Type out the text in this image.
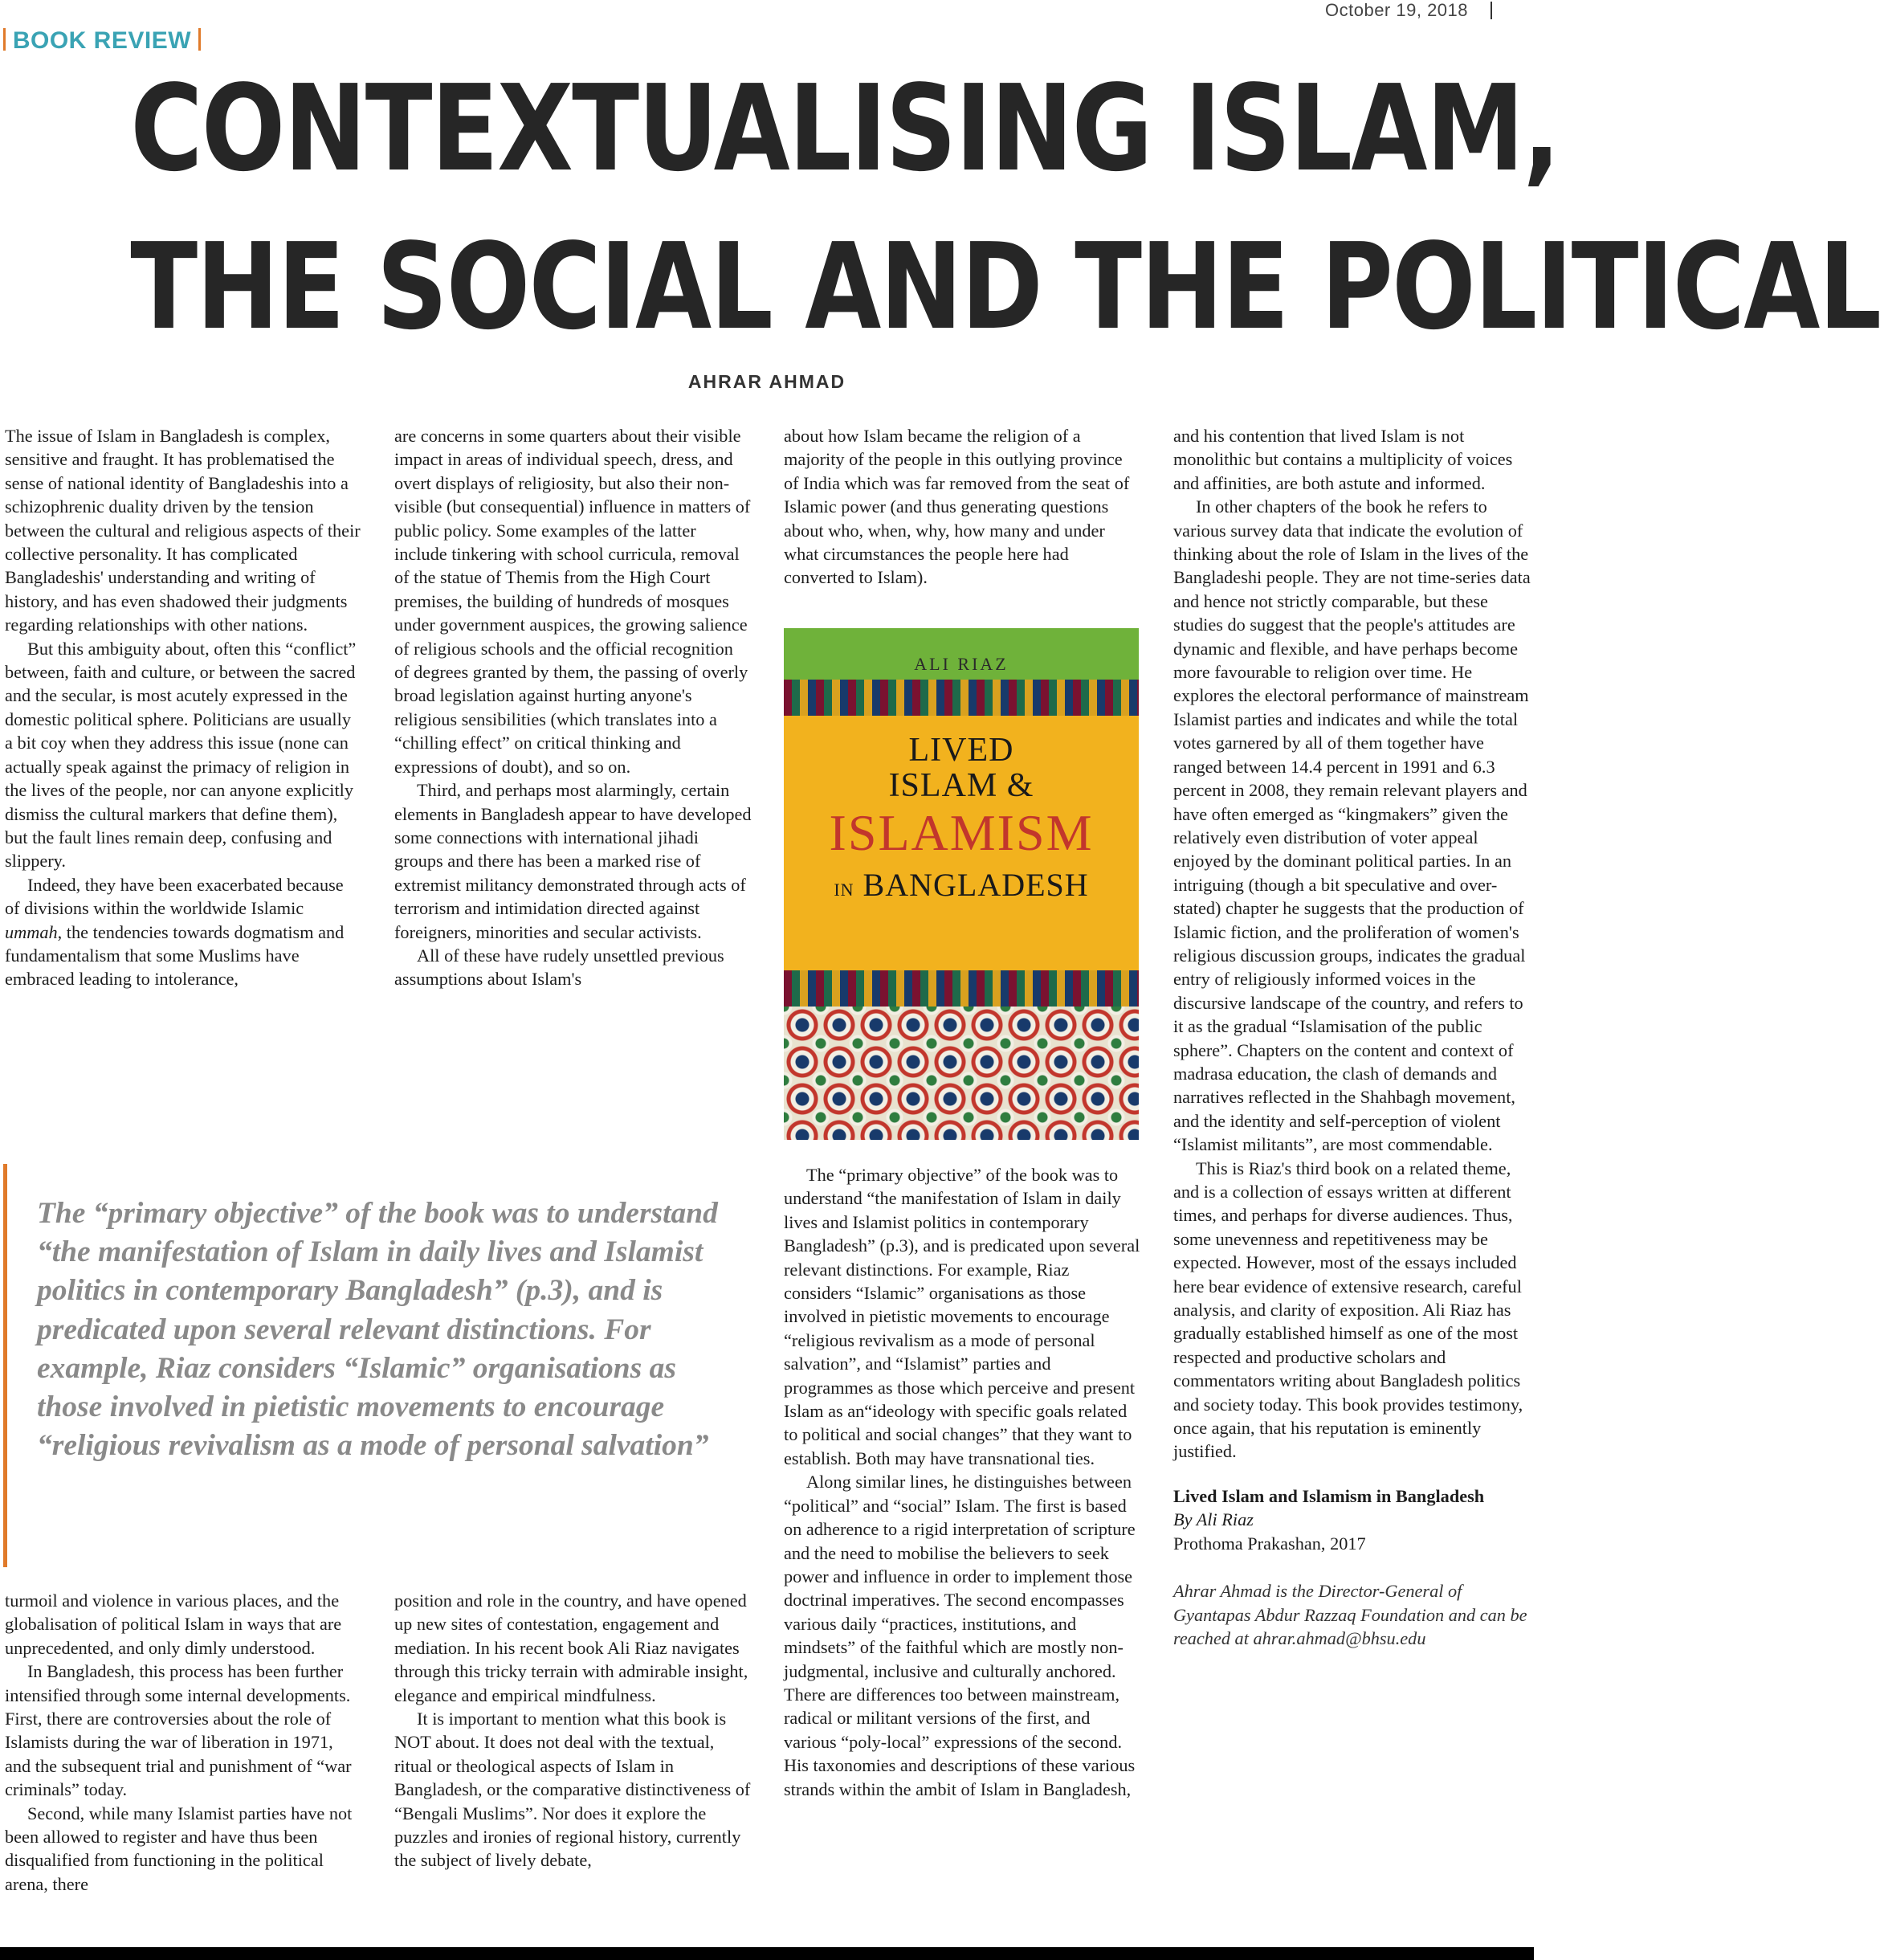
October 19, 2018
BOOK REVIEW
CONTEXTUALISING ISLAM,
THE SOCIAL AND THE POLITICAL
AHRAR AHMAD

The issue of Islam in Bangladesh is complex, sensitive and fraught. It has problematised the sense of national identity of Bangladeshis into a schizophrenic duality driven by the tension between the cultural and religious aspects of their collective personality. It has complicated Bangladeshis' understanding and writing of history, and has even shadowed their judgments regarding relationships with other nations.

But this ambiguity about, often this “conflict” between, faith and culture, or between the sacred and the secular, is most acutely expressed in the domestic political sphere. Politicians are usually a bit coy when they address this issue (none can actually speak against the primacy of religion in the lives of the people, nor can anyone explicitly dismiss the cultural markers that define them), but the fault lines remain deep, confusing and slippery.

Indeed, they have been exacerbated because of divisions within the worldwide Islamic ummah, the tendencies towards dogmatism and fundamentalism that some Muslims have embraced leading to intolerance,

are concerns in some quarters about their visible impact in areas of individual speech, dress, and overt displays of religiosity, but also their non-visible (but consequential) influence in matters of public policy. Some examples of the latter include tinkering with school curricula, removal of the statue of Themis from the High Court premises, the building of hundreds of mosques under government auspices, the growing salience of religious schools and the official recognition of degrees granted by them, the passing of overly broad legislation against hurting anyone's religious sensibilities (which translates into a “chilling effect” on critical thinking and expressions of doubt), and so on.

Third, and perhaps most alarmingly, certain elements in Bangladesh appear to have developed some connections with international jihadi groups and there has been a marked rise of extremist militancy demonstrated through acts of terrorism and intimidation directed against foreigners, minorities and secular activists.

All of these have rudely unsettled previous assumptions about Islam's

about how Islam became the religion of a majority of the people in this outlying province of India which was far removed from the seat of Islamic power (and thus generating questions about who, when, why, how many and under what circumstances the people here had converted to Islam).

ALI RIAZ
LIVED
ISLAM &
ISLAMISM
IN BANGLADESH

and his contention that lived Islam is not monolithic but contains a multiplicity of voices and affinities, are both astute and informed.

In other chapters of the book he refers to various survey data that indicate the evolution of thinking about the role of Islam in the lives of the Bangladeshi people. They are not time-series data and hence not strictly comparable, but these studies do suggest that the people's attitudes are dynamic and flexible, and have perhaps become more favourable to religion over time. He explores the electoral performance of mainstream Islamist parties and indicates and while the total votes garnered by all of them together have ranged between 14.4 percent in 1991 and 6.3 percent in 2008, they remain relevant players and have often emerged as “kingmakers” given the relatively even distribution of voter appeal enjoyed by the dominant political parties. In an intriguing (though a bit speculative and over-stated) chapter he suggests that the production of Islamic fiction, and the proliferation of women's religious discussion groups, indicates the gradual entry of religiously informed voices in the discursive landscape of the country, and refers to it as the gradual “Islamisation of the public sphere”. Chapters on the content and context of madrasa education, the clash of demands and narratives reflected in the Shahbagh movement, and the identity and self-perception of violent “Islamist militants”, are most commendable.

This is Riaz's third book on a related theme, and is a collection of essays written at different times, and perhaps for diverse audiences. Thus, some unevenness and repetitiveness may be expected. However, most of the essays included here bear evidence of extensive research, careful analysis, and clarity of exposition. Ali Riaz has gradually established himself as one of the most respected and productive scholars and commentators writing about Bangladesh politics and society today. This book provides testimony, once again, that his reputation is eminently justified.

Lived Islam and Islamism in Bangladesh
By Ali Riaz
Prothoma Prakashan, 2017
Ahrar Ahmad is the Director-General of Gyantapas Abdur Razzaq Foundation and can be reached at ahrar.ahmad@bhsu.edu
The “primary objective” of the book was to understand “the manifestation of Islam in daily lives and Islamist politics in contemporary Bangladesh” (p.3), and is predicated upon several relevant distinctions. For example, Riaz considers “Islamic” organisations as those involved in pietistic movements to encourage “religious revivalism as a mode of personal salvation”

The “primary objective” of the book was to understand “the manifestation of Islam in daily lives and Islamist politics in contemporary Bangladesh” (p.3), and is predicated upon several relevant distinctions. For example, Riaz considers “Islamic” organisations as those involved in pietistic movements to encourage “religious revivalism as a mode of personal salvation”, and “Islamist” parties and programmes as those which perceive and present Islam as an“ideology with specific goals related to political and social changes” that they want to establish. Both may have transnational ties.

Along similar lines, he distinguishes between “political” and “social” Islam. The first is based on adherence to a rigid interpretation of scripture and the need to mobilise the believers to seek power and influence in order to implement those doctrinal imperatives. The second encompasses various daily “practices, institutions, and mindsets” of the faithful which are mostly non-judgmental, inclusive and culturally anchored. There are differences too between mainstream, radical or militant versions of the first, and various “poly-local” expressions of the second. His taxonomies and descriptions of these various strands within the ambit of Islam in Bangladesh,

turmoil and violence in various places, and the globalisation of political Islam in ways that are unprecedented, and only dimly understood.

In Bangladesh, this process has been further intensified through some internal developments. First, there are controversies about the role of Islamists during the war of liberation in 1971, and the subsequent trial and punishment of “war criminals” today.

Second, while many Islamist parties have not been allowed to register and have thus been disqualified from functioning in the political arena, there

position and role in the country, and have opened up new sites of contestation, engagement and mediation. In his recent book Ali Riaz navigates through this tricky terrain with admirable insight, elegance and empirical mindfulness.

It is important to mention what this book is NOT about. It does not deal with the textual, ritual or theological aspects of Islam in Bangladesh, or the comparative distinctiveness of “Bengali Muslims”. Nor does it explore the puzzles and ironies of regional history, currently the subject of lively debate,
